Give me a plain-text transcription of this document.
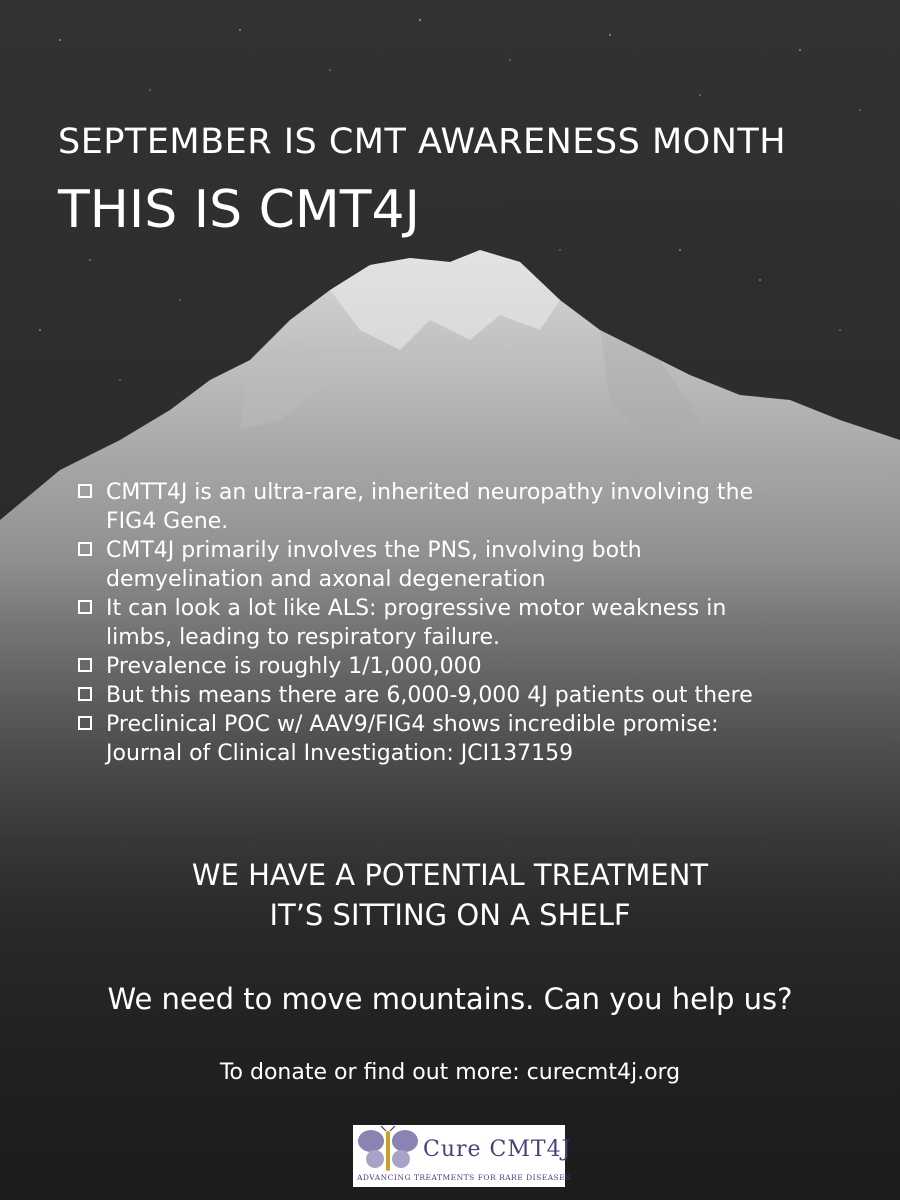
SEPTEMBER IS CMT AWARENESS MONTH
THIS IS CMT4J
CMTT4J is an ultra-rare, inherited neuropathy involving the
FIG4 Gene.
CMT4J primarily involves the PNS, involving both
demyelination and axonal degeneration
It can look a lot like ALS: progressive motor weakness in
limbs, leading to respiratory failure.
Prevalence is roughly 1/1,000,000
But this means there are 6,000-9,000 4J patients out there
Preclinical POC w/ AAV9/FIG4 shows incredible promise:
Journal of Clinical Investigation: JCI137159
WE HAVE A POTENTIAL TREATMENT
IT’S SITTING ON A SHELF
We need to move mountains. Can you help us?
To donate or find out more: curecmt4j.org
Cure CMT4J
ADVANCING TREATMENTS FOR RARE DISEASES
